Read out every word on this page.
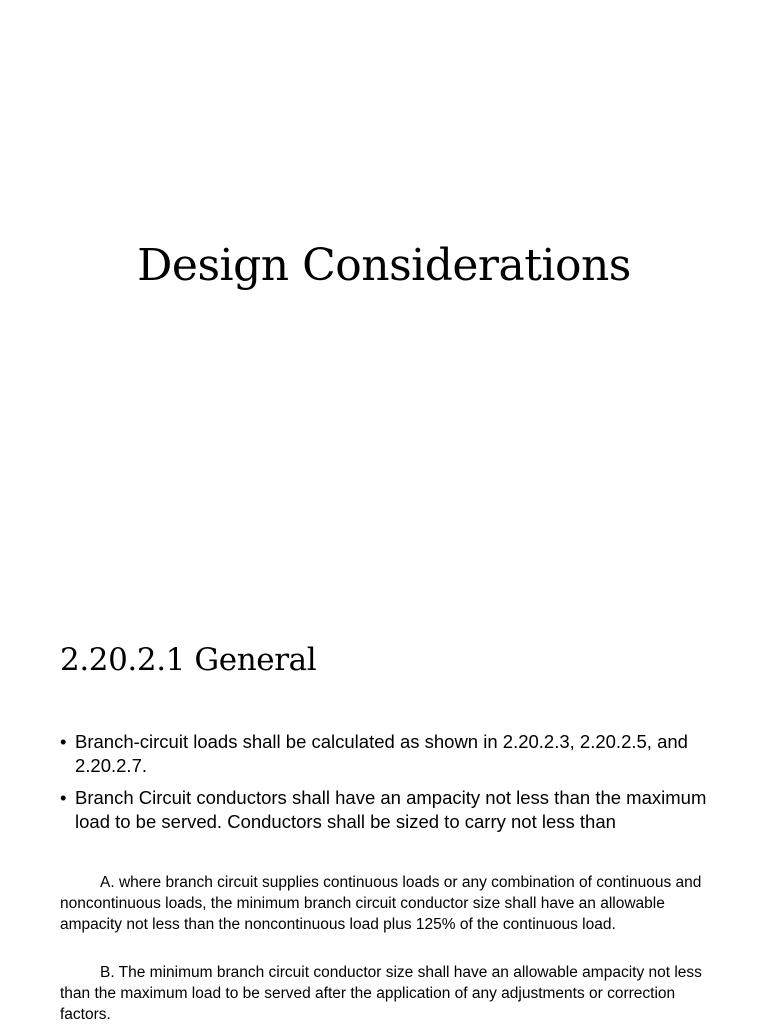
Design Considerations
2.20.2.1 General
• Branch-circuit loads shall be calculated as shown in 2.20.2.3, 2.20.2.5, and 2.20.2.7.
• Branch Circuit conductors shall have an ampacity not less than the maximum load to be served. Conductors shall be sized to carry not less than

A. where branch circuit supplies continuous loads or any combination of continuous and noncontinuous loads, the minimum branch circuit conductor size shall have an allowable ampacity not less than the noncontinuous load plus 125% of the continuous load.

B. The minimum branch circuit conductor size shall have an allowable ampacity not less than the maximum load to be served after the application of any adjustments or correction factors.
